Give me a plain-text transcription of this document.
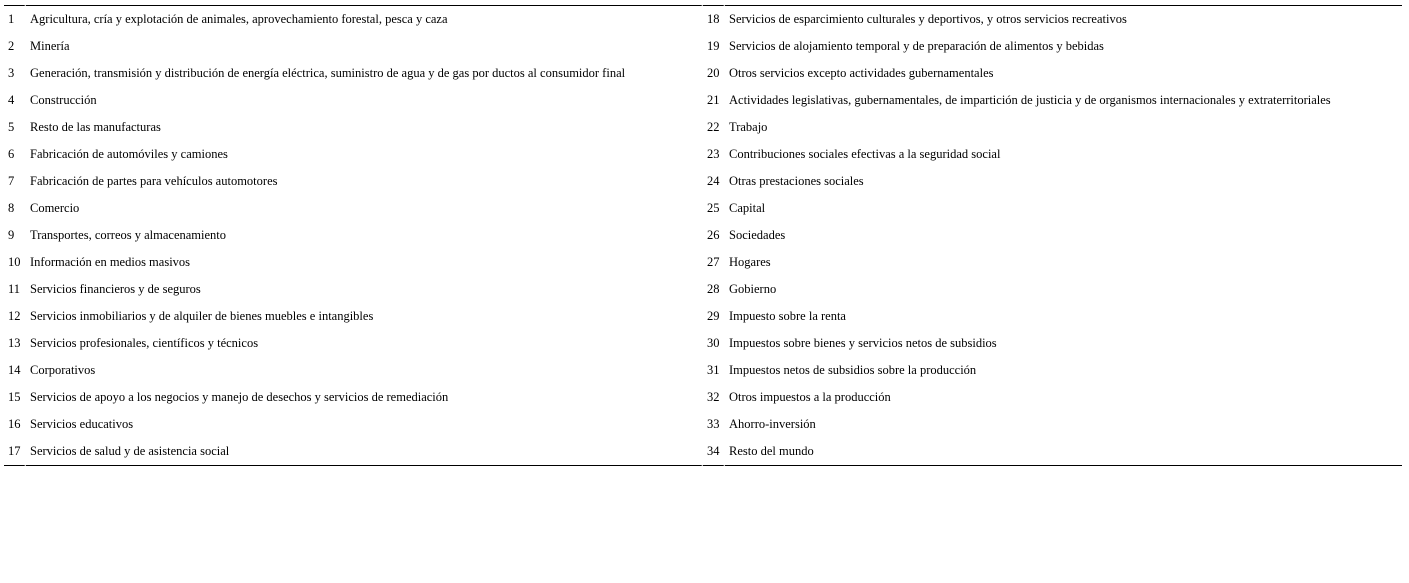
1	Agricultura, cría y explotación de animales, aprovechamiento forestal, pesca y caza	18	Servicios de esparcimiento culturales y deportivos, y otros servicios recreativos
2	Minería	19	Servicios de alojamiento temporal y de preparación de alimentos y bebidas
3	Generación, transmisión y distribución de energía eléctrica, suministro de agua y de gas por ductos al consumidor final	20	Otros servicios excepto actividades gubernamentales
4	Construcción	21	Actividades legislativas, gubernamentales, de impartición de justicia y de organismos internacionales y extraterritoriales
5	Resto de las manufacturas	22	Trabajo
6	Fabricación de automóviles y camiones	23	Contribuciones sociales efectivas a la seguridad social
7	Fabricación de partes para vehículos automotores	24	Otras prestaciones sociales
8	Comercio	25	Capital
9	Transportes, correos y almacenamiento	26	Sociedades
10	Información en medios masivos	27	Hogares
11	Servicios financieros y de seguros	28	Gobierno
12	Servicios inmobiliarios y de alquiler de bienes muebles e intangibles	29	Impuesto sobre la renta
13	Servicios profesionales, científicos y técnicos	30	Impuestos sobre bienes y servicios netos de subsidios
14	Corporativos	31	Impuestos netos de subsidios sobre la producción
15	Servicios de apoyo a los negocios y manejo de desechos y servicios de remediación	32	Otros impuestos a la producción
16	Servicios educativos	33	Ahorro-inversión
17	Servicios de salud y de asistencia social	34	Resto del mundo
